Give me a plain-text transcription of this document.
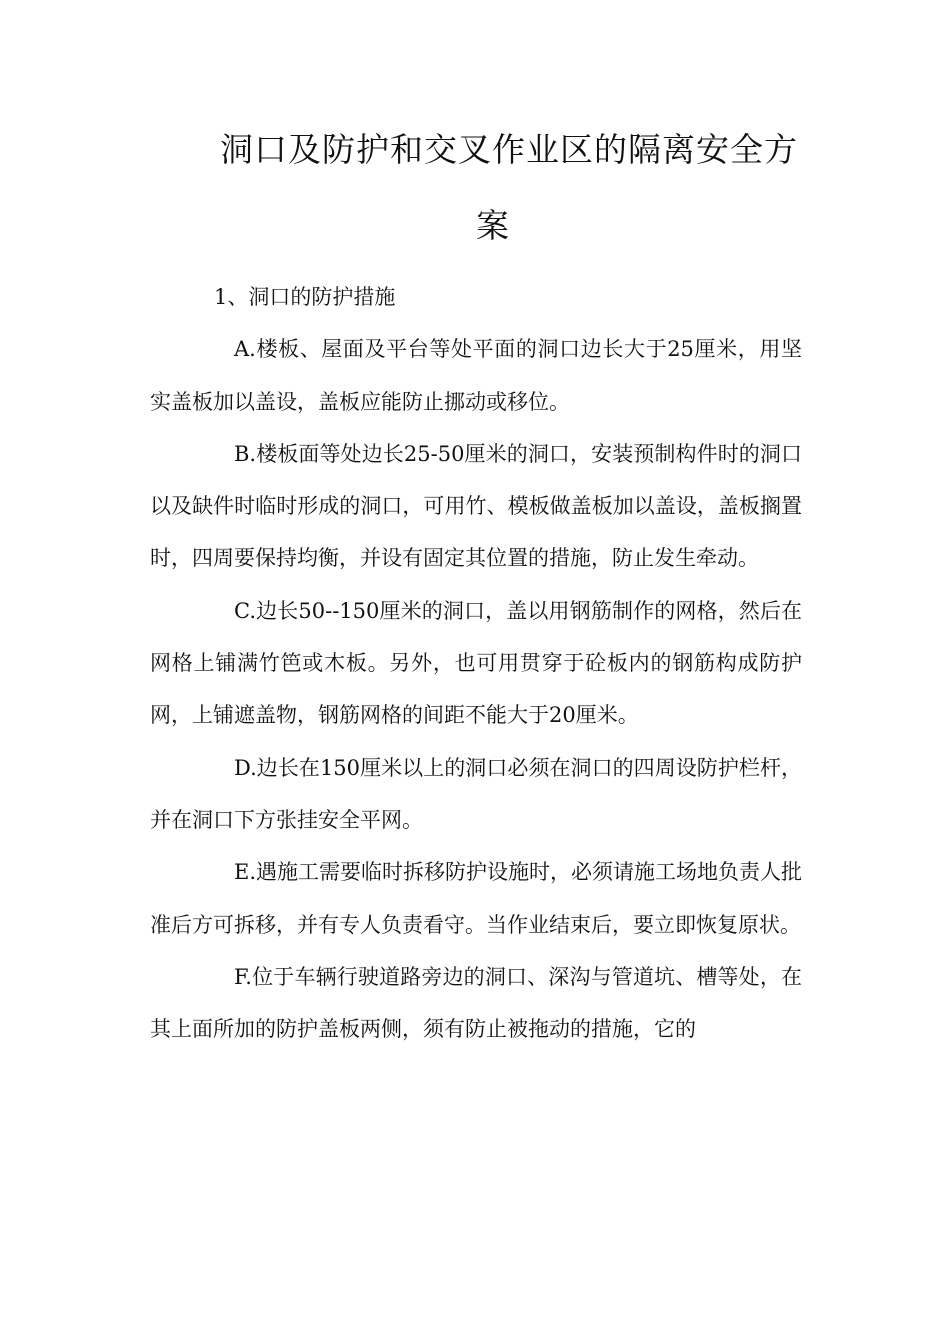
洞口及防护和交叉作业区的隔离安全方
案
1、洞口的防护措施

A.楼板、屋面及平台等处平面的洞口边长大于25厘米，用坚实盖板加以盖设，盖板应能防止挪动或移位。

B.楼板面等处边长25-50厘米的洞口，安装预制构件时的洞口以及缺件时临时形成的洞口，可用竹、模板做盖板加以盖设，盖板搁置时，四周要保持均衡，并设有固定其位置的措施，防止发生牵动。

C.边长50--150厘米的洞口，盖以用钢筋制作的网格，然后在网格上铺满竹笆或木板。另外，也可用贯穿于砼板内的钢筋构成防护网，上铺遮盖物，钢筋网格的间距不能大于20厘米。

D.边长在150厘米以上的洞口必须在洞口的四周设防护栏杆，并在洞口下方张挂安全平网。

E.遇施工需要临时拆移防护设施时，必须请施工场地负责人批准后方可拆移，并有专人负责看守。当作业结束后，要立即恢复原状。

F.位于车辆行驶道路旁边的洞口、深沟与管道坑、槽等处，在其上面所加的防护盖板两侧，须有防止被拖动的措施，它的
